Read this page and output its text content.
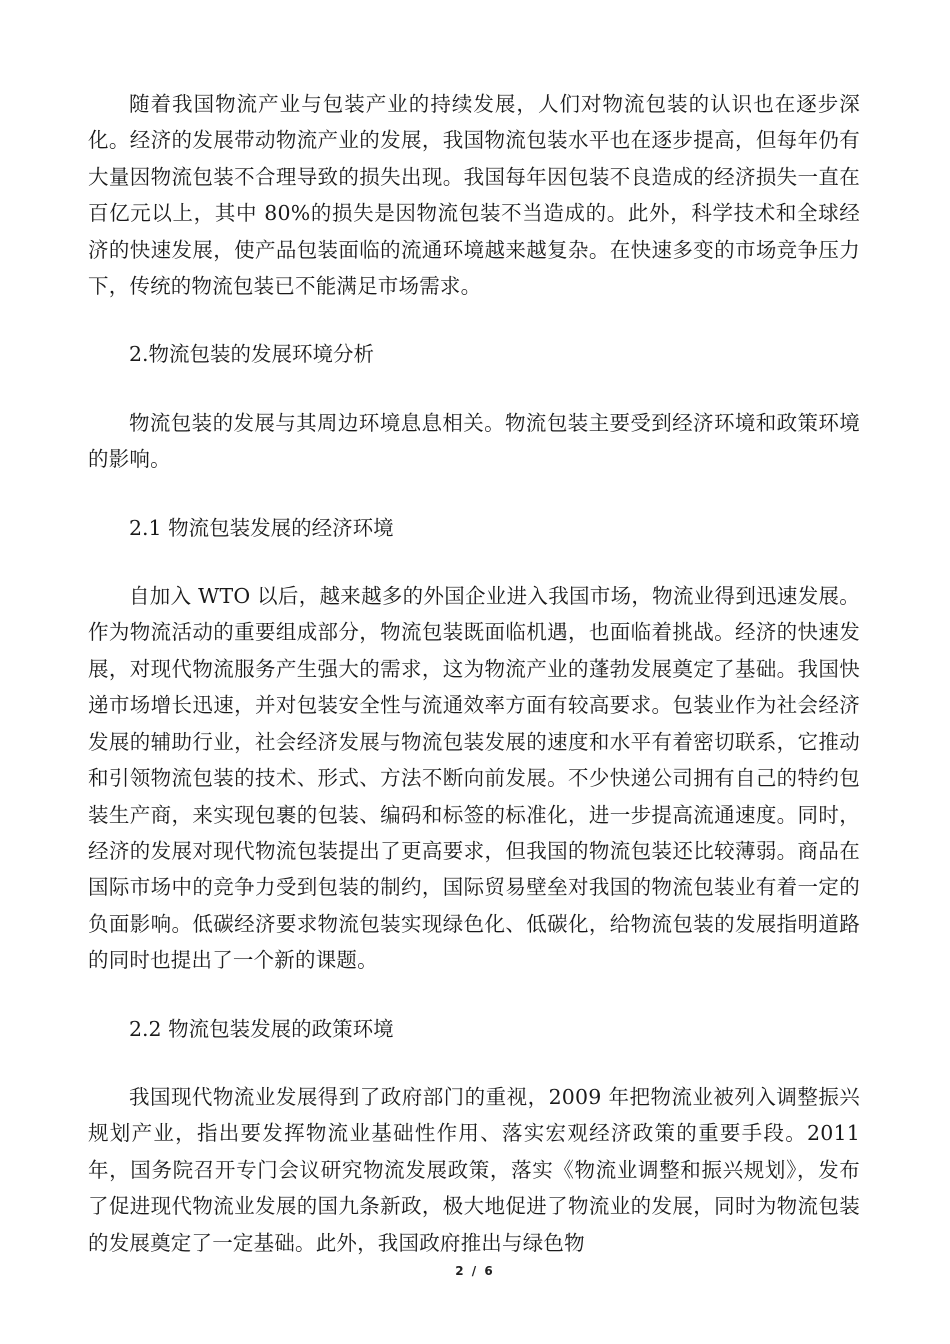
随着我国物流产业与包装产业的持续发展，人们对物流包装的认识也在逐步深化。经济的发展带动物流产业的发展，我国物流包装水平也在逐步提高，但每年仍有大量因物流包装不合理导致的损失出现。我国每年因包装不良造成的经济损失一直在百亿元以上，其中 80%的损失是因物流包装不当造成的。此外，科学技术和全球经济的快速发展，使产品包装面临的流通环境越来越复杂。在快速多变的市场竞争压力下，传统的物流包装已不能满足市场需求。

2.物流包装的发展环境分析

物流包装的发展与其周边环境息息相关。物流包装主要受到经济环境和政策环境的影响。

2.1 物流包装发展的经济环境

自加入 WTO 以后，越来越多的外国企业进入我国市场，物流业得到迅速发展。作为物流活动的重要组成部分，物流包装既面临机遇，也面临着挑战。经济的快速发展，对现代物流服务产生强大的需求，这为物流产业的蓬勃发展奠定了基础。我国快递市场增长迅速，并对包装安全性与流通效率方面有较高要求。包装业作为社会经济发展的辅助行业，社会经济发展与物流包装发展的速度和水平有着密切联系，它推动和引领物流包装的技术、形式、方法不断向前发展。不少快递公司拥有自己的特约包装生产商，来实现包裹的包装、编码和标签的标准化，进一步提高流通速度。同时，经济的发展对现代物流包装提出了更高要求，但我国的物流包装还比较薄弱。商品在国际市场中的竞争力受到包装的制约，国际贸易壁垒对我国的物流包装业有着一定的负面影响。低碳经济要求物流包装实现绿色化、低碳化，给物流包装的发展指明道路的同时也提出了一个新的课题。

2.2 物流包装发展的政策环境

我国现代物流业发展得到了政府部门的重视，2009 年把物流业被列入调整振兴规划产业，指出要发挥物流业基础性作用、落实宏观经济政策的重要手段。2011 年，国务院召开专门会议研究物流发展政策，落实《物流业调整和振兴规划》，发布了促进现代物流业发展的国九条新政，极大地促进了物流业的发展，同时为物流包装的发展奠定了一定基础。此外，我国政府推出与绿色物

2 / 6
